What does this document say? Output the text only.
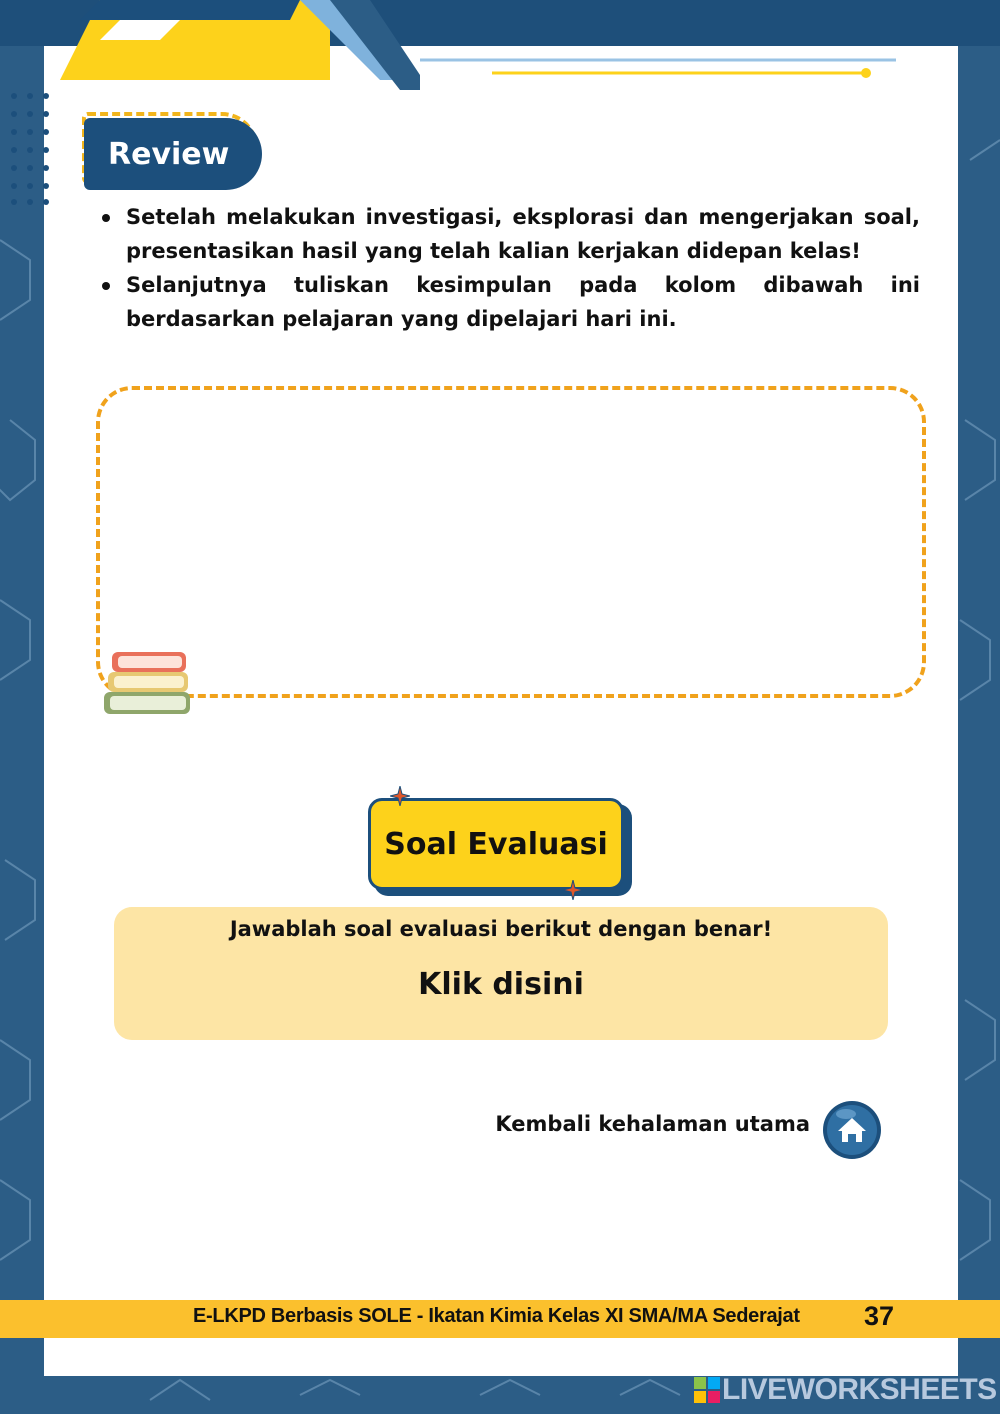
Review
Setelah melakukan investigasi, eksplorasi dan mengerjakan soal, presentasikan hasil yang telah kalian kerjakan didepan kelas!
Selanjutnya tuliskan kesimpulan pada kolom dibawah ini berdasarkan pelajaran yang dipelajari hari ini.
Soal Evaluasi
Jawablah soal evaluasi berikut dengan benar!
Klik disini
Kembali kehalaman utama
E-LKPD Berbasis SOLE - Ikatan Kimia Kelas XI SMA/MA Sederajat 37
LIVEWORKSHEETS
